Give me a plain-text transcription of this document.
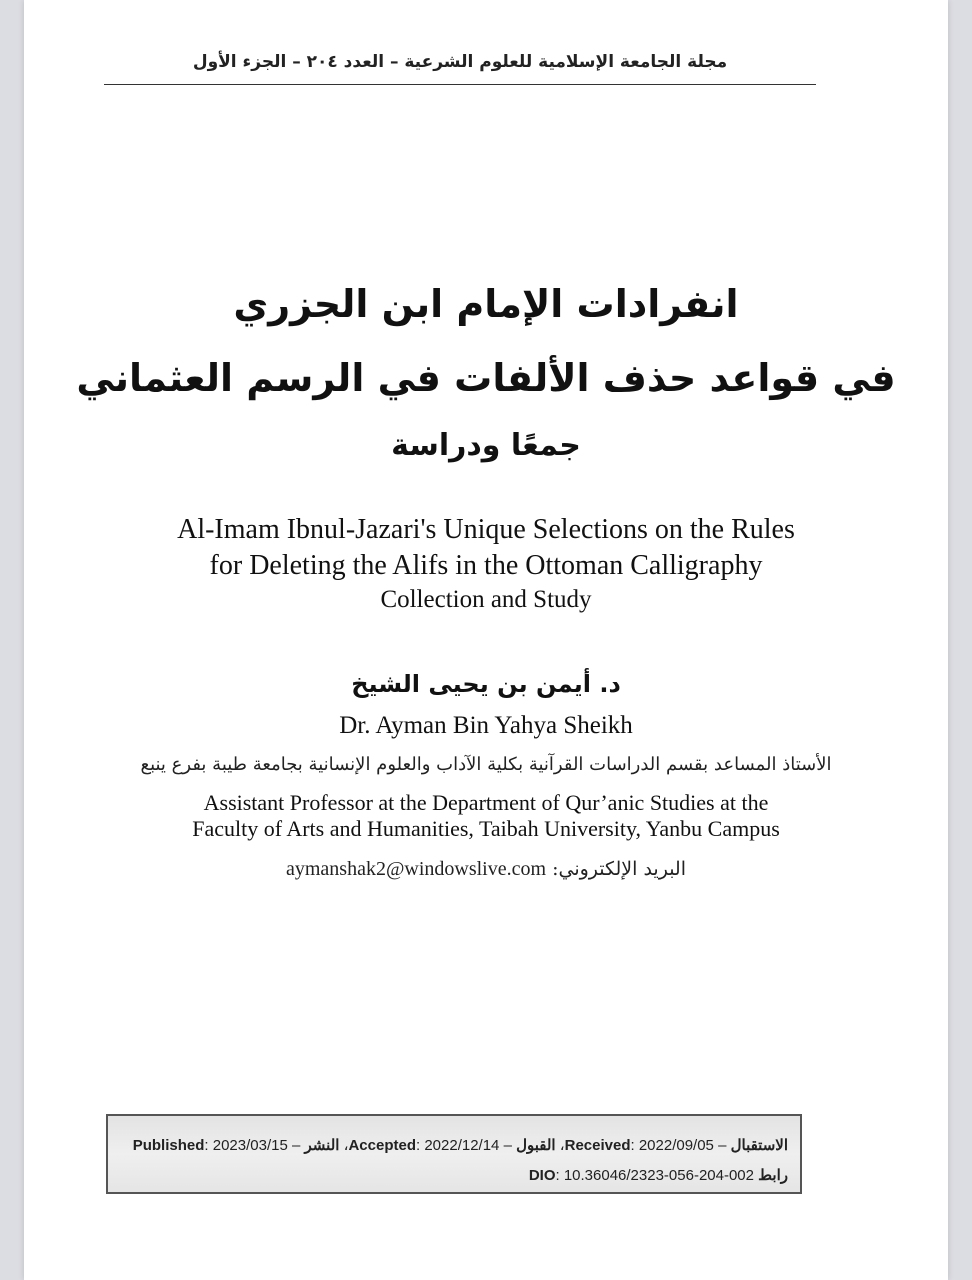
مجلة الجامعة الإسلامية للعلوم الشرعية – العدد ٢٠٤ – الجزء الأول
انفرادات الإمام ابن الجزري
في قواعد حذف الألفات في الرسم العثماني
جمعًا ودراسة
Al-Imam Ibnul-Jazari's Unique Selections on the Rules
for Deleting the Alifs in the Ottoman Calligraphy
Collection and Study
د. أيمن بن يحيى الشيخ
Dr. Ayman Bin Yahya Sheikh
الأستاذ المساعد بقسم الدراسات القرآنية بكلية الآداب والعلوم الإنسانية بجامعة طيبة بفرع ينبع
Assistant Professor at the Department of Qur’anic Studies at the
Faculty of Arts and Humanities, Taibah University, Yanbu Campus
البريد الإلكتروني: aymanshak2@windowslive.com
الاستقبال – Received: 2022/09/05، القبول – Accepted: 2022/12/14، النشر – Published: 2023/03/15
رابط DIO: 10.36046/2323-056-204-002
